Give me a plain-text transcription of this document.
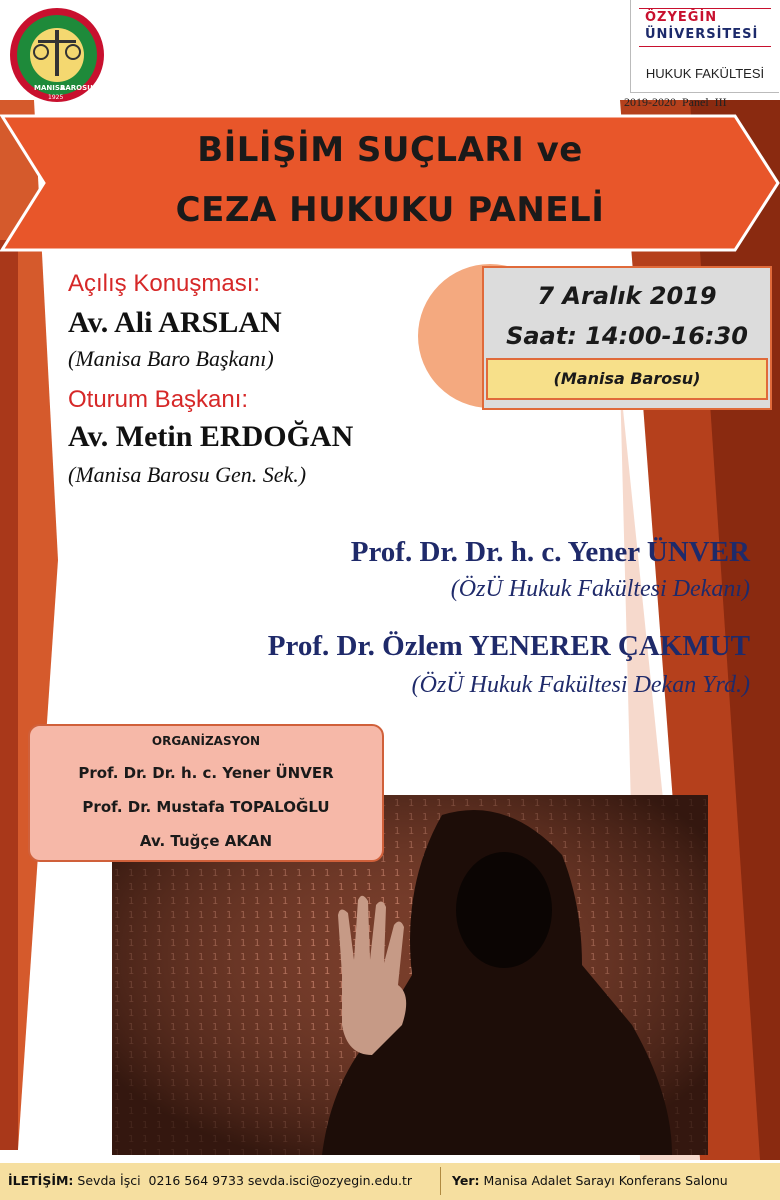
MANISA
BAROSU
1925
ÖZYEĞİN
ÜNİVERSİTESİ
HUKUK FAKÜLTESİ
2019-2020  Panel  III
BİLİŞİM SUÇLARI ve
CEZA HUKUKU PANELİ
Açılış Konuşması:
Av. Ali ARSLAN
(Manisa Baro Başkanı)
Oturum Başkanı:
Av. Metin ERDOĞAN
(Manisa Barosu Gen. Sek.)
7 Aralık 2019
Saat: 14:00-16:30
(Manisa Barosu)
Prof. Dr. Dr. h. c. Yener ÜNVER
(ÖzÜ Hukuk Fakültesi Dekanı)
Prof. Dr. Özlem YENERER ÇAKMUT
(ÖzÜ Hukuk Fakültesi Dekan Yrd.)
ORGANİZASYON
Prof. Dr. Dr. h. c. Yener ÜNVER
Prof. Dr. Mustafa TOPALOĞLU
Av. Tuğçe AKAN
İLETİŞİM: Sevda İşci  0216 564 9733 sevda.isci@ozyegin.edu.tr	Yer: Manisa Adalet Sarayı Konferans Salonu
